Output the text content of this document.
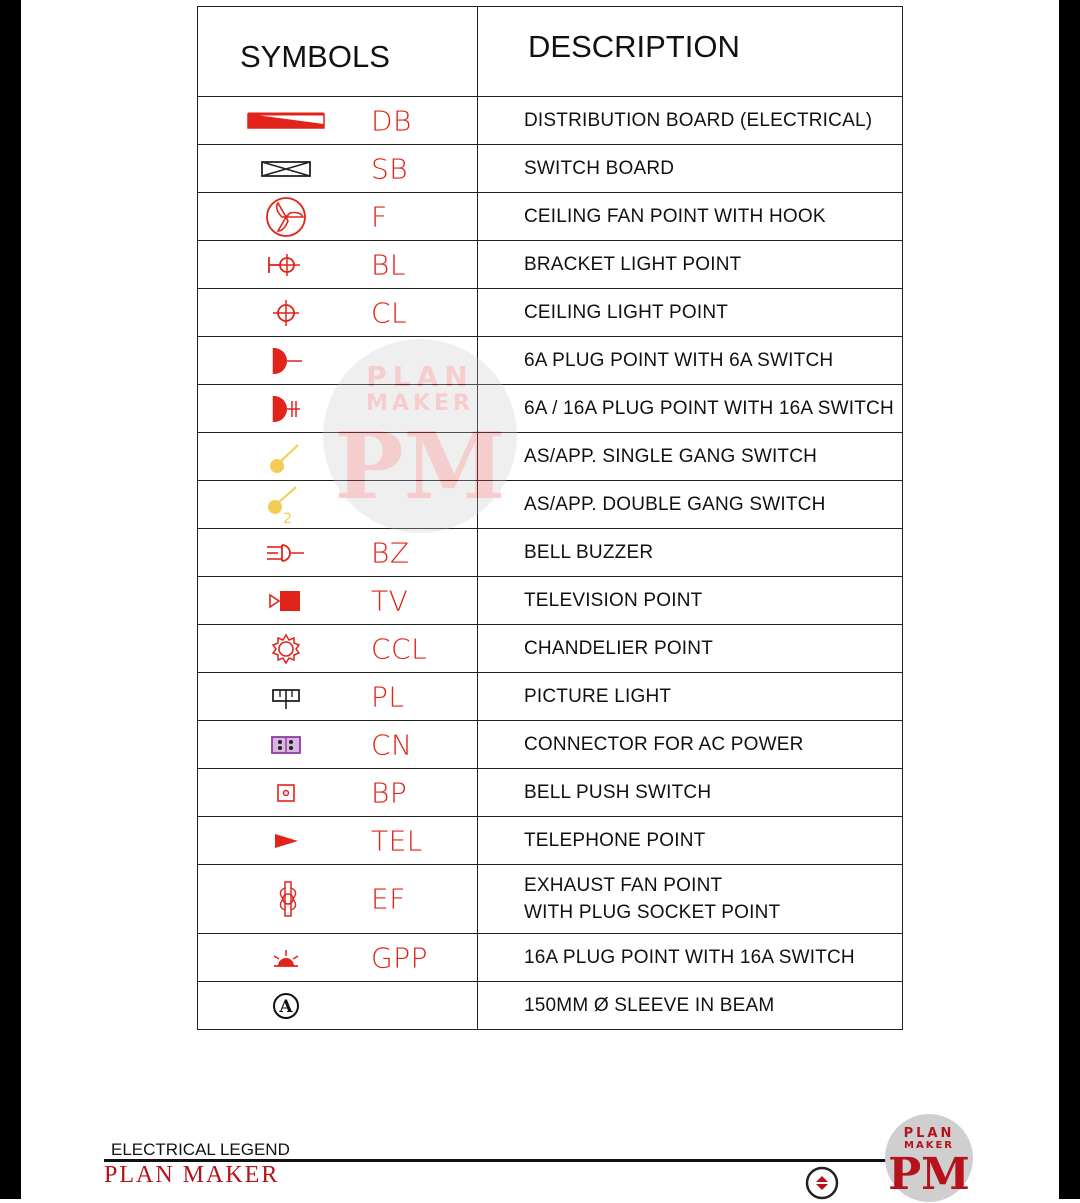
SYMBOLS	DESCRIPTION

DB	DISTRIBUTION BOARD (ELECTRICAL)

SB	SWITCH BOARD

F	CEILING FAN POINT WITH HOOK

BL	BRACKET LIGHT POINT

CL	CEILING LIGHT POINT

6A PLUG POINT WITH 6A SWITCH

6A / 16A PLUG POINT WITH 16A SWITCH

AS/APP. SINGLE GANG SWITCH

2	AS/APP. DOUBLE GANG SWITCH

BZ	BELL BUZZER

TV	TELEVISION POINT

CCL	CHANDELIER POINT

PL	PICTURE LIGHT

CN	CONNECTOR FOR AC POWER

BP	BELL PUSH SWITCH

TEL	TELEPHONE POINT

EF	EXHAUST FAN POINT
WITH PLUG SOCKET POINT

GPP	16A PLUG POINT WITH 16A SWITCH

A	150MM Ø SLEEVE IN BEAM
PLAN
MAKER
PM
ELECTRICAL LEGEND
PLAN MAKER
PLAN
MAKER
PM
